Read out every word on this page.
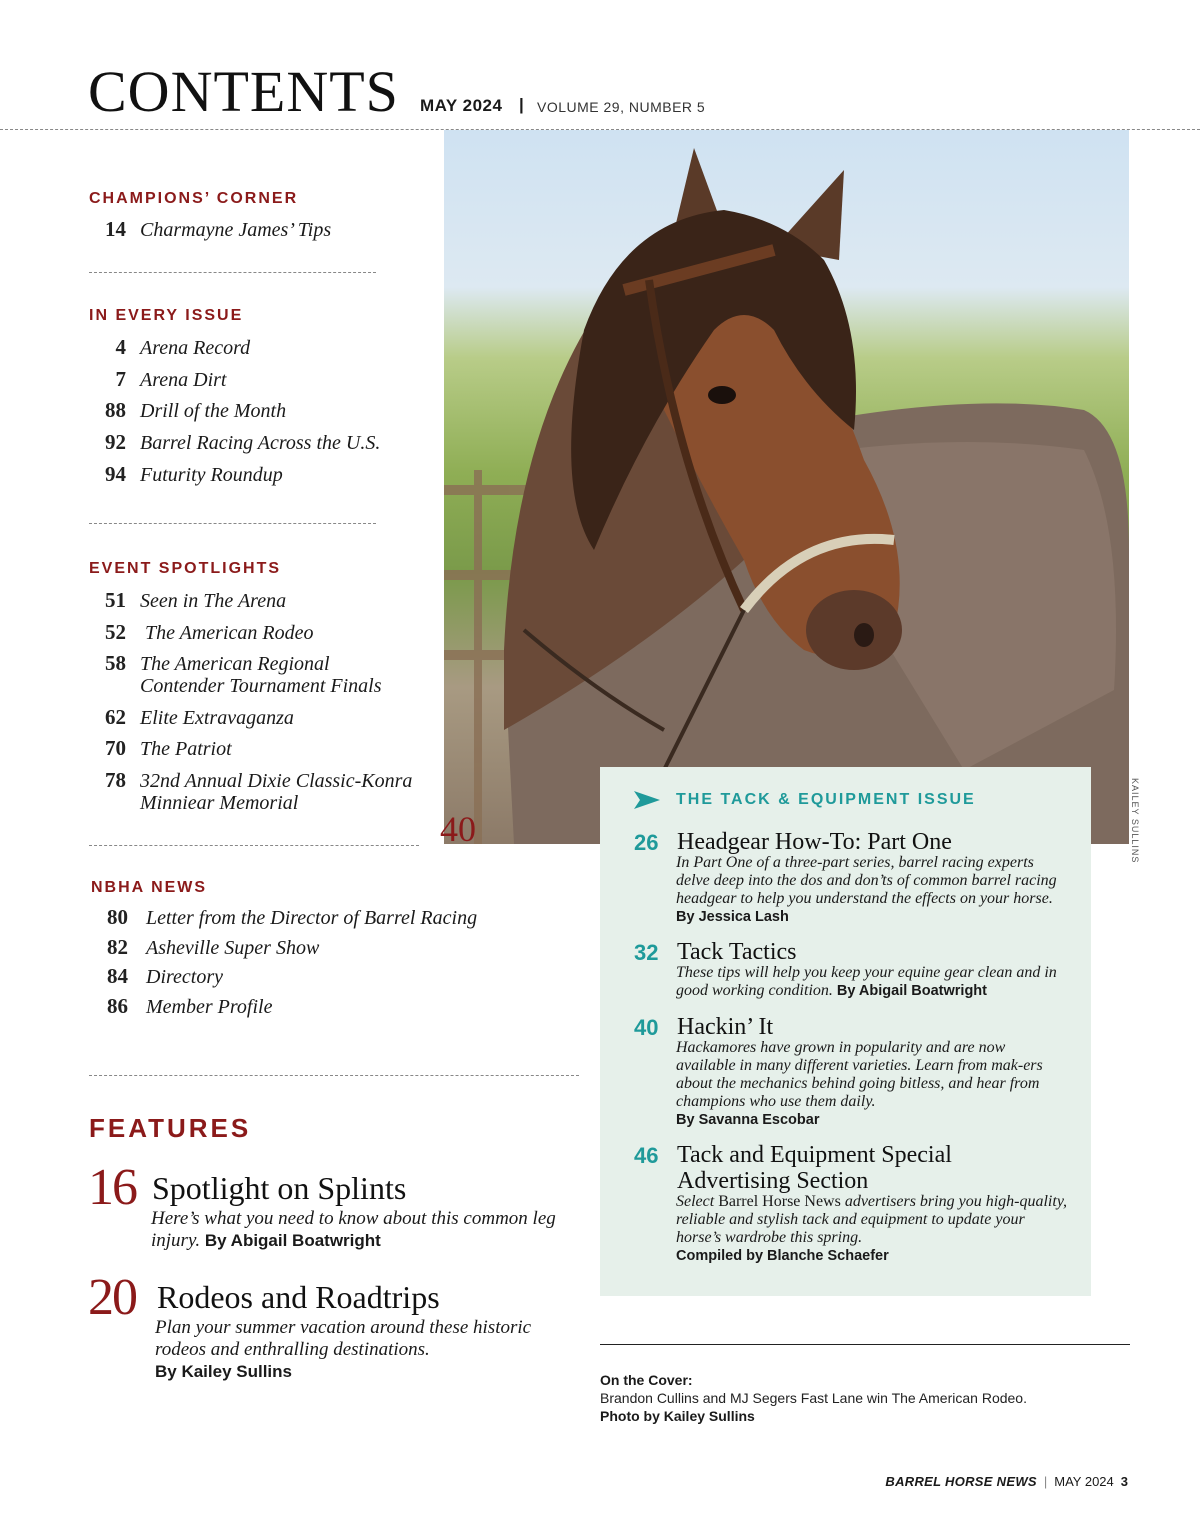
CONTENTS MAY 2024 | VOLUME 29, NUMBER 5
CHAMPIONS’ CORNER
14 Charmayne James’ Tips
IN EVERY ISSUE
4 Arena Record
7 Arena Dirt
88 Drill of the Month
92 Barrel Racing Across the U.S.
94 Futurity Roundup
EVENT SPOTLIGHTS
51 Seen in The Arena
52 The American Rodeo
58 The American Regional
Contender Tournament Finals
62 Elite Extravaganza
70 The Patriot
78 32nd Annual Dixie Classic-Konra
Minniear Memorial
NBHA NEWS
80 Letter from the Director of Barrel Racing
82 Asheville Super Show
84 Directory
86 Member Profile
KAILEY SULLINS
40
THE TACK & EQUIPMENT ISSUE
26 Headgear How-To: Part One
In Part One of a three-part series, barrel racing experts delve deep into the dos and don’ts of common barrel racing headgear to help you understand the effects on your horse. By Jessica Lash
32 Tack Tactics
These tips will help you keep your equine gear clean and in good working condition. By Abigail Boatwright
40 Hackin’ It
Hackamores have grown in popularity and are now available in many different varieties. Learn from mak-ers about the mechanics behind going bitless, and hear from champions who use them daily.
By Savanna Escobar
46 Tack and Equipment Special
Advertising Section
Select Barrel Horse News advertisers bring you high-quality, reliable and stylish tack and equipment to update your horse’s wardrobe this spring.
Compiled by Blanche Schaefer
FEATURES
16 Spotlight on Splints
Here’s what you need to know about this common leg injury. By Abigail Boatwright
20 Rodeos and Roadtrips
Plan your summer vacation around these historic rodeos and enthralling destinations.
By Kailey Sullins	On the Cover:
Brandon Cullins and MJ Segers Fast Lane win The American Rodeo.
Photo by Kailey Sullins
BARREL HORSE NEWS | MAY 2024 3
